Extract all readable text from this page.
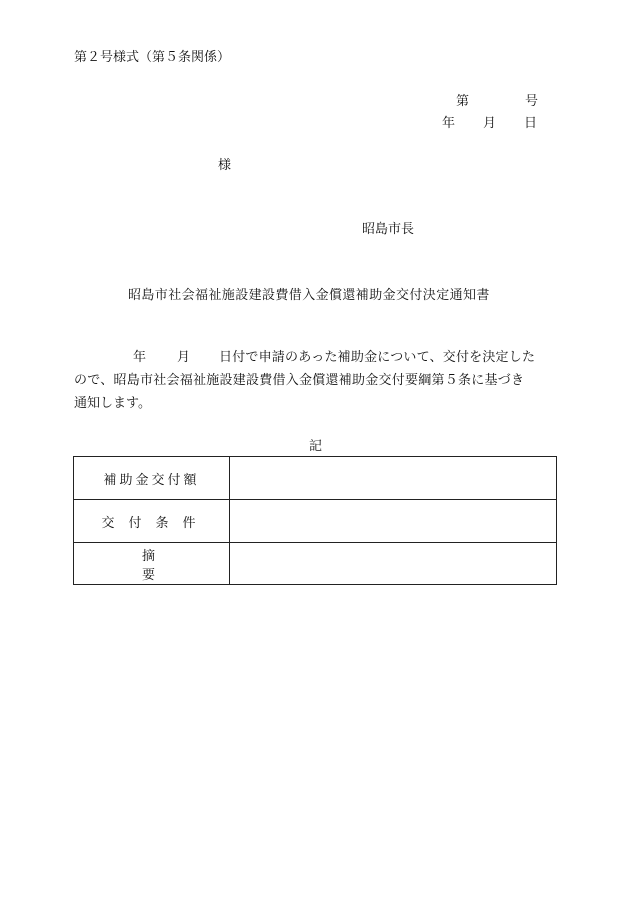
第２号様式（第５条関係）
第	号
年 月 日
様
昭島市長
昭島市社会福祉施設建設費借入金償還補助金交付決定通知書
年 月 日付で申請のあった補助金について、交付を決定した
ので、昭島市社会福祉施設建設費借入金償還補助金交付要綱第５条に基づき
通知します。
記
補助金交付額	
交付条件	
摘要	
